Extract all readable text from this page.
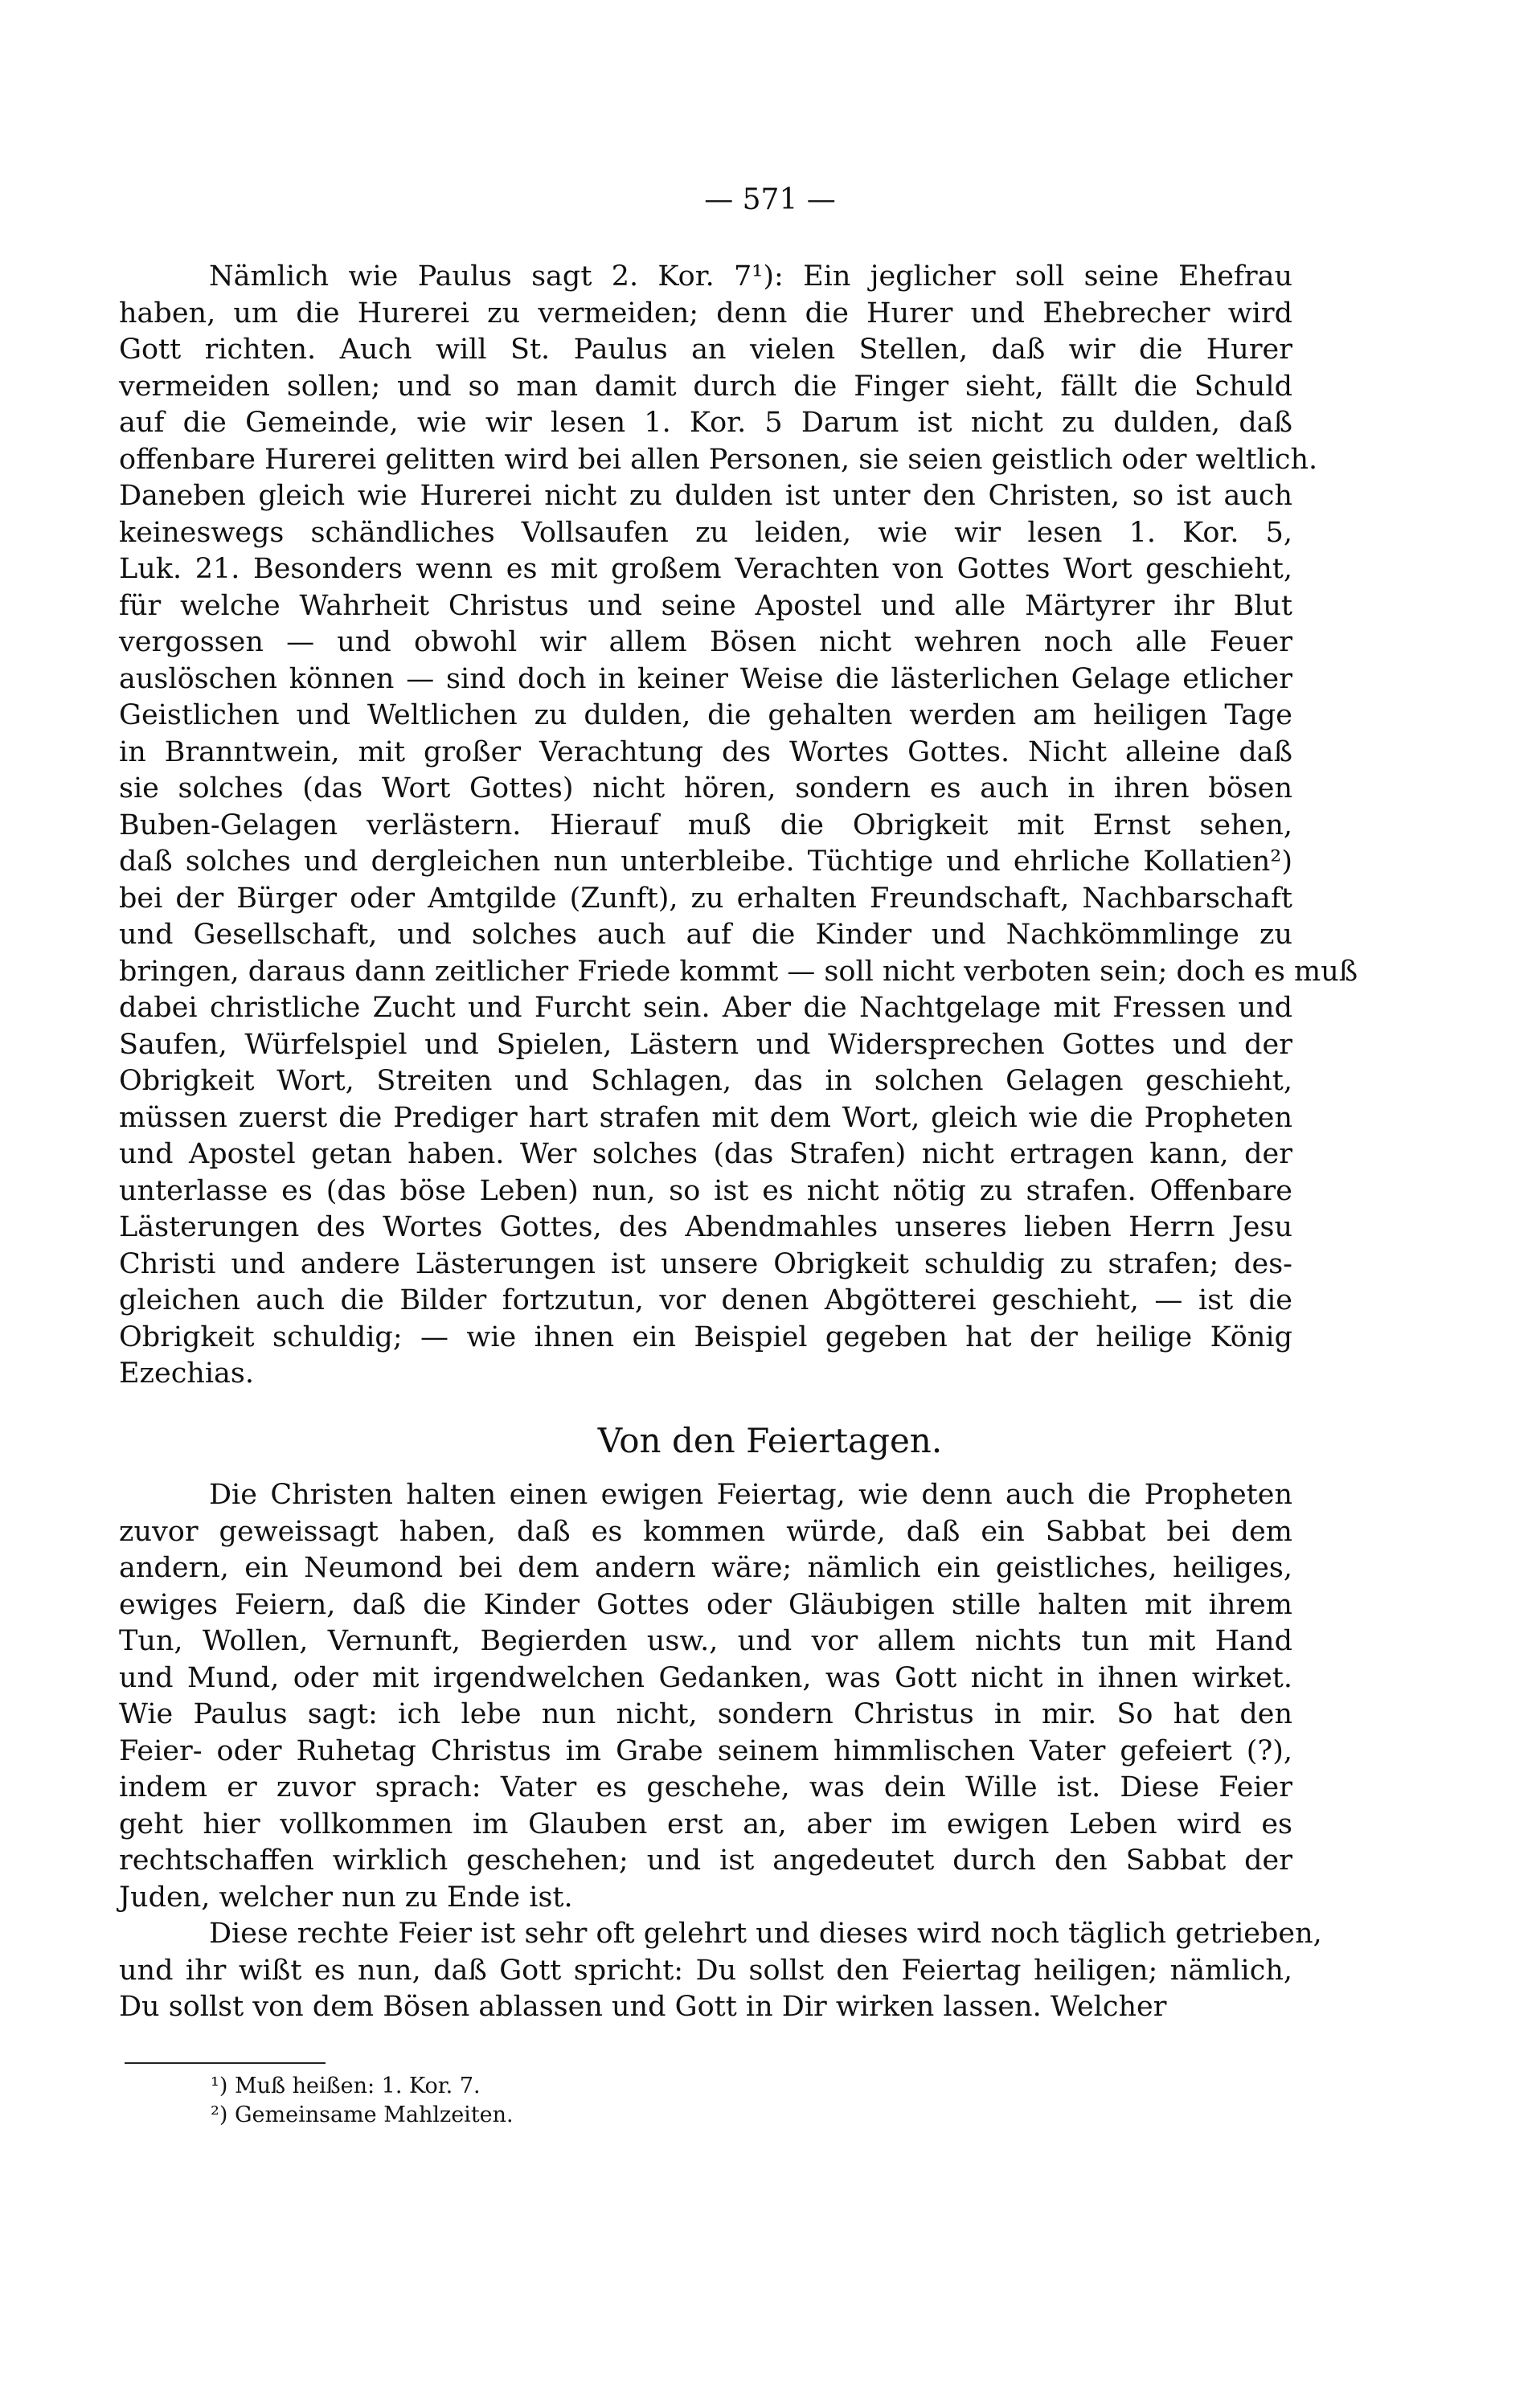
— 571 —
Nämlich wie Paulus sagt 2. Kor. 7¹): Ein jeglicher soll seine Ehefrau
haben, um die Hurerei zu vermeiden; denn die Hurer und Ehebrecher wird
Gott richten. Auch will St. Paulus an vielen Stellen, daß wir die Hurer
vermeiden sollen; und so man damit durch die Finger sieht, fällt die Schuld
auf die Gemeinde, wie wir lesen 1. Kor. 5 Darum ist nicht zu dulden, daß
offenbare Hurerei gelitten wird bei allen Personen, sie seien geistlich oder weltlich.
Daneben gleich wie Hurerei nicht zu dulden ist unter den Christen, so ist auch
keineswegs schändliches Vollsaufen zu leiden, wie wir lesen 1. Kor. 5,
Luk. 21. Besonders wenn es mit großem Verachten von Gottes Wort geschieht,
für welche Wahrheit Christus und seine Apostel und alle Märtyrer ihr Blut
vergossen — und obwohl wir allem Bösen nicht wehren noch alle Feuer
auslöschen können — sind doch in keiner Weise die lästerlichen Gelage etlicher
Geistlichen und Weltlichen zu dulden, die gehalten werden am heiligen Tage
in Branntwein, mit großer Verachtung des Wortes Gottes. Nicht alleine daß
sie solches (das Wort Gottes) nicht hören, sondern es auch in ihren bösen
Buben-Gelagen verlästern. Hierauf muß die Obrigkeit mit Ernst sehen,
daß solches und dergleichen nun unterbleibe. Tüchtige und ehrliche Kollatien²)
bei der Bürger oder Amtgilde (Zunft), zu erhalten Freundschaft, Nachbarschaft
und Gesellschaft, und solches auch auf die Kinder und Nachkömmlinge zu
bringen, daraus dann zeitlicher Friede kommt — soll nicht verboten sein; doch es muß
dabei christliche Zucht und Furcht sein. Aber die Nachtgelage mit Fressen und
Saufen, Würfelspiel und Spielen, Lästern und Widersprechen Gottes und der
Obrigkeit Wort, Streiten und Schlagen, das in solchen Gelagen geschieht,
müssen zuerst die Prediger hart strafen mit dem Wort, gleich wie die Propheten
und Apostel getan haben. Wer solches (das Strafen) nicht ertragen kann, der
unterlasse es (das böse Leben) nun, so ist es nicht nötig zu strafen. Offenbare
Lästerungen des Wortes Gottes, des Abendmahles unseres lieben Herrn Jesu
Christi und andere Lästerungen ist unsere Obrigkeit schuldig zu strafen; des-
gleichen auch die Bilder fortzutun, vor denen Abgötterei geschieht, — ist die
Obrigkeit schuldig; — wie ihnen ein Beispiel gegeben hat der heilige König
Ezechias.
Von den Feiertagen.
Die Christen halten einen ewigen Feiertag, wie denn auch die Propheten
zuvor geweissagt haben, daß es kommen würde, daß ein Sabbat bei dem
andern, ein Neumond bei dem andern wäre; nämlich ein geistliches, heiliges,
ewiges Feiern, daß die Kinder Gottes oder Gläubigen stille halten mit ihrem
Tun, Wollen, Vernunft, Begierden usw., und vor allem nichts tun mit Hand
und Mund, oder mit irgendwelchen Gedanken, was Gott nicht in ihnen wirket.
Wie Paulus sagt: ich lebe nun nicht, sondern Christus in mir. So hat den
Feier- oder Ruhetag Christus im Grabe seinem himmlischen Vater gefeiert (?),
indem er zuvor sprach: Vater es geschehe, was dein Wille ist. Diese Feier
geht hier vollkommen im Glauben erst an, aber im ewigen Leben wird es
rechtschaffen wirklich geschehen; und ist angedeutet durch den Sabbat der
Juden, welcher nun zu Ende ist.
Diese rechte Feier ist sehr oft gelehrt und dieses wird noch täglich getrieben,
und ihr wißt es nun, daß Gott spricht: Du sollst den Feiertag heiligen; nämlich,
Du sollst von dem Bösen ablassen und Gott in Dir wirken lassen. Welcher
¹) Muß heißen: 1. Kor. 7.
²) Gemeinsame Mahlzeiten.
